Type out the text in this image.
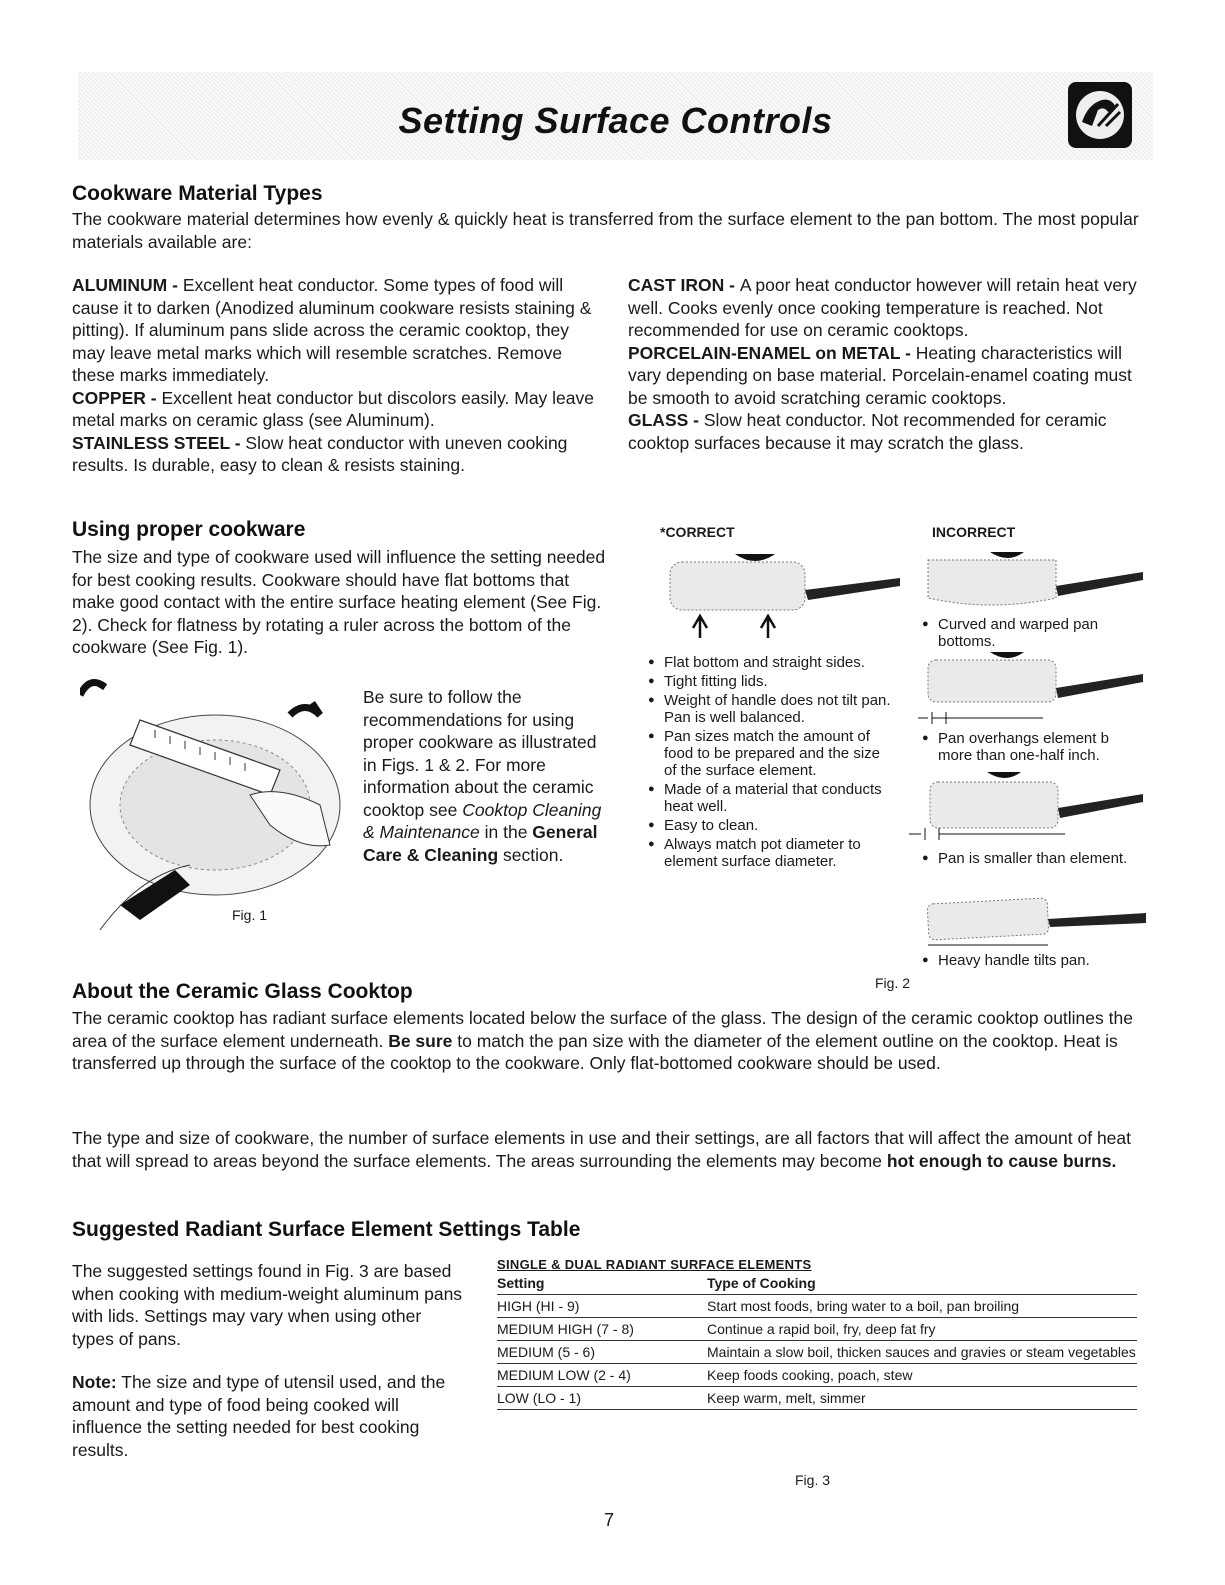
Setting Surface Controls
Cookware Material Types
The cookware material determines how evenly & quickly heat is transferred from the surface element to the pan bottom. The most popular materials available are:
ALUMINUM - Excellent heat conductor. Some types of food will cause it to darken (Anodized aluminum cookware resists staining & pitting). If aluminum pans slide across the ceramic cooktop, they may leave metal marks which will resemble scratches. Remove these marks immediately.
COPPER - Excellent heat conductor but discolors easily. May leave metal marks on ceramic glass (see Aluminum).
STAINLESS STEEL - Slow heat conductor with uneven cooking results. Is durable, easy to clean & resists staining.
CAST IRON - A poor heat conductor however will retain heat very well. Cooks evenly once cooking temperature is reached. Not recommended for use on ceramic cooktops.
PORCELAIN-ENAMEL on METAL - Heating characteristics will vary depending on base material. Porcelain-enamel coating must be smooth to avoid scratching ceramic cooktops.
GLASS - Slow heat conductor. Not recommended for ceramic cooktop surfaces because it may scratch the glass.
Using proper cookware
The size and type of cookware used will influence the setting needed for best cooking results. Cookware should have flat bottoms that make good contact with the entire surface heating element (See Fig. 2). Check for flatness by rotating a ruler across the bottom of the cookware (See Fig. 1).
Fig. 1
Be sure to follow the recommendations for using proper cookware as illustrated in Figs. 1 & 2. For more information about the ceramic cooktop see Cooktop Cleaning & Maintenance in the General Care & Cleaning section.
*CORRECT	INCORRECT
● Flat bottom and straight sides.
● Tight fitting lids.
● Weight of handle does not tilt pan. Pan is well balanced.
● Pan sizes match the amount of food to be prepared and the size of the surface element.
● Made of a material that conducts heat well.
● Easy to clean.
● Always match pot diameter to element surface diameter.
● Curved and warped pan bottoms.
● Pan overhangs element b more than one-half inch.
● Pan is smaller than element.
● Heavy handle tilts pan.
Fig. 2
About the Ceramic Glass Cooktop
The ceramic cooktop has radiant surface elements located below the surface of the glass. The design of the ceramic cooktop outlines the area of the surface element underneath. Be sure to match the pan size with the diameter of the element outline on the cooktop. Heat is transferred up through the surface of the cooktop to the cookware. Only flat-bottomed cookware should be used.
The type and size of cookware, the number of surface elements in use and their settings, are all factors that will affect the amount of heat that will spread to areas beyond the surface elements. The areas surrounding the elements may become hot enough to cause burns.
Suggested Radiant Surface Element Settings Table
The suggested settings found in Fig. 3 are based when cooking with medium-weight aluminum pans with lids. Settings may vary when using other types of pans.
Note: The size and type of utensil used, and the amount and type of food being cooked will influence the setting needed for best cooking results.
SINGLE & DUAL RADIANT SURFACE ELEMENTS
Setting	Type of Cooking
HIGH (HI - 9)	Start most foods, bring water to a boil, pan broiling
MEDIUM HIGH (7 - 8)	Continue a rapid boil, fry, deep fat fry
MEDIUM (5 - 6)	Maintain a slow boil, thicken sauces and gravies or steam vegetables
MEDIUM LOW (2 - 4)	Keep foods cooking, poach, stew
LOW (LO - 1)	Keep warm, melt, simmer
Fig. 3
7
